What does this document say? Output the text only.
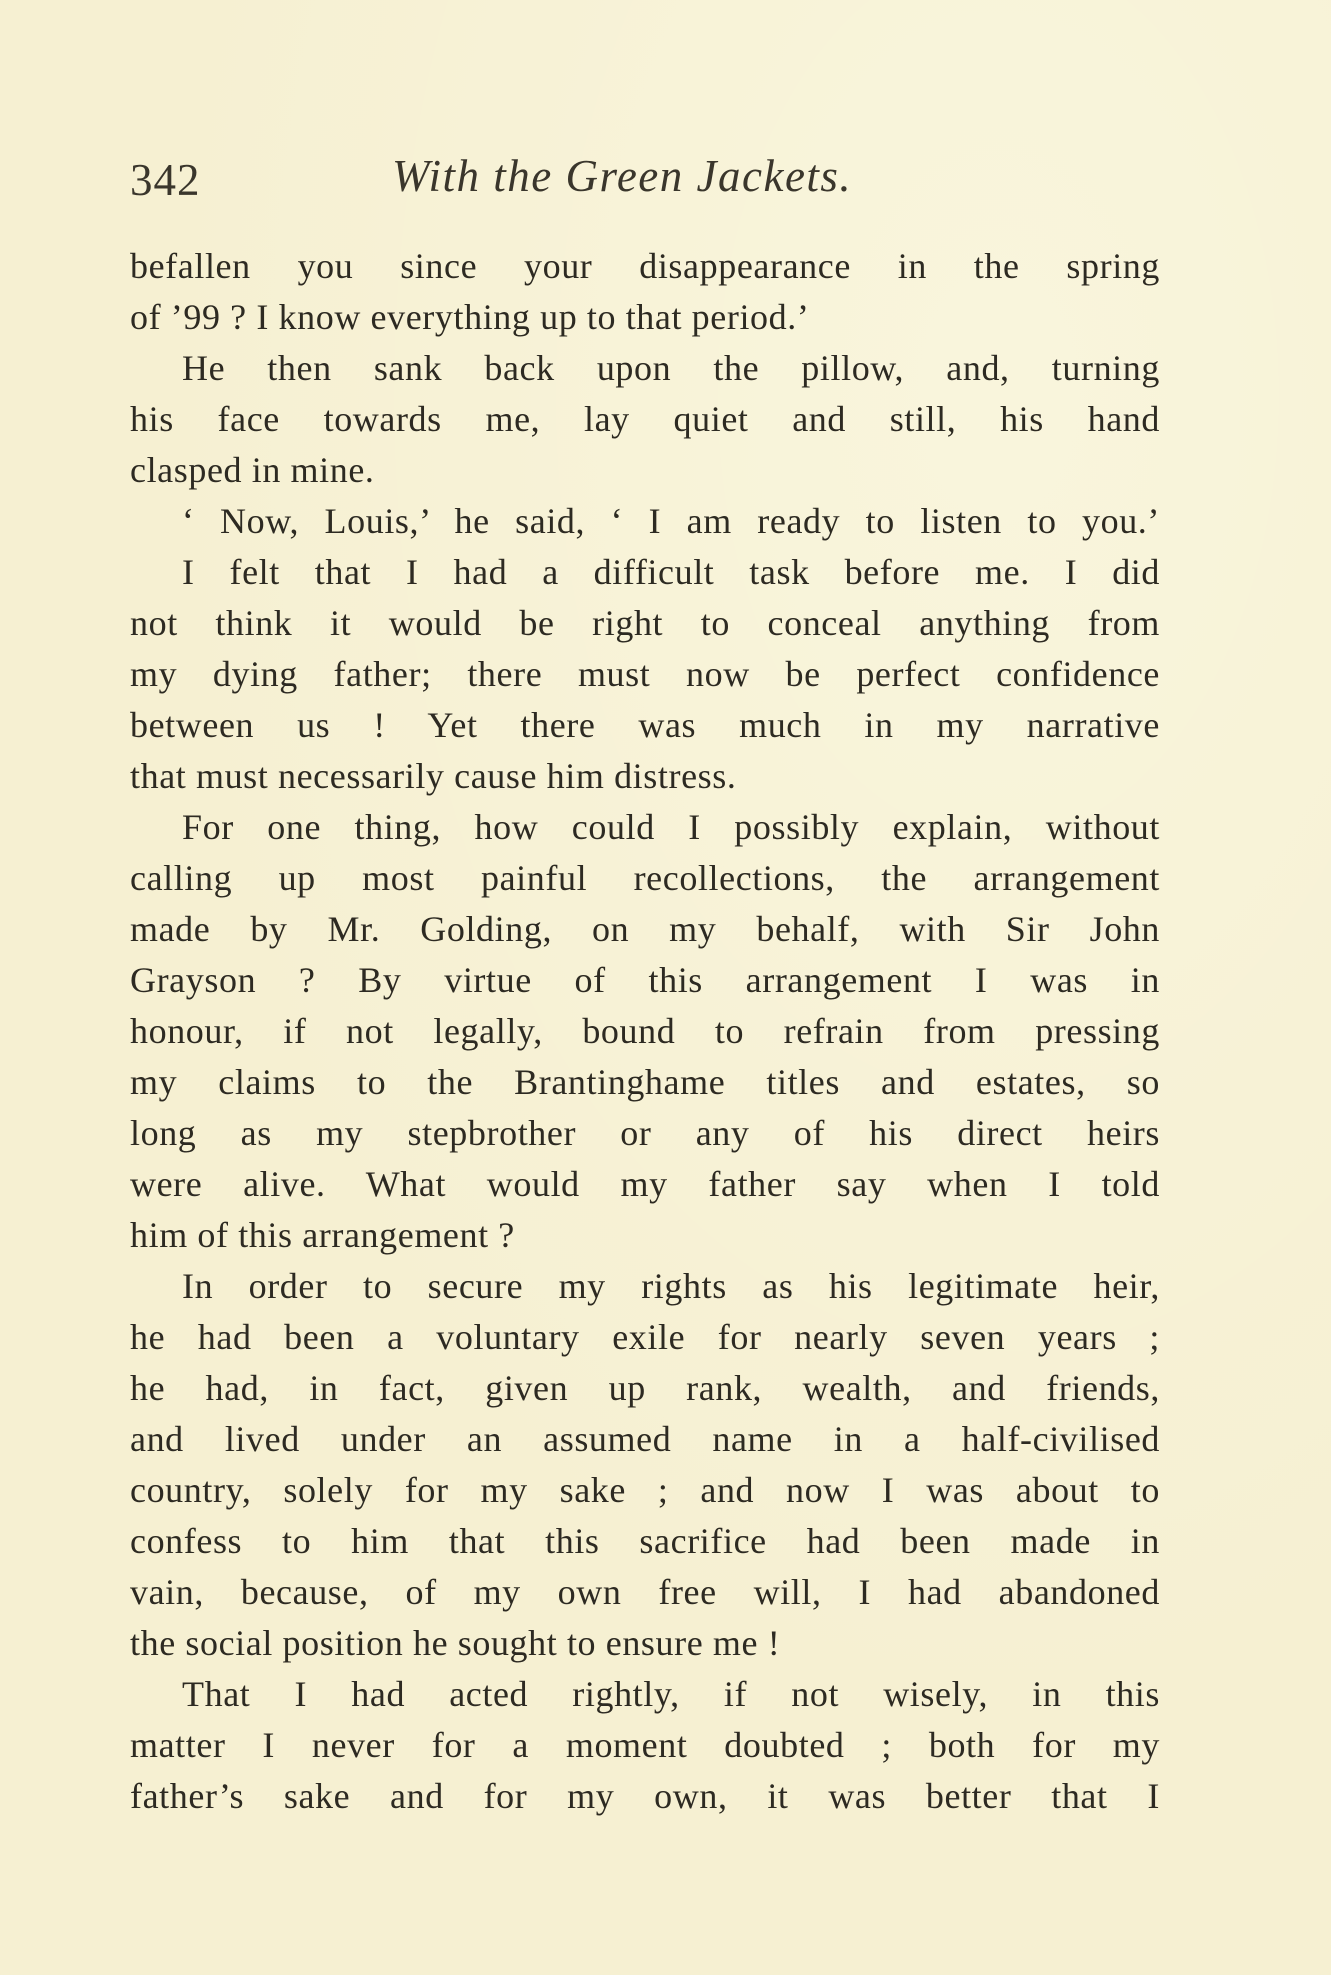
342	With the Green Jackets.
befallen you since your disappearance in the spring
of ’99 ? I know everything up to that period.’
He then sank back upon the pillow, and, turning
his face towards me, lay quiet and still, his hand
clasped in mine.
‘ Now, Louis,’ he said, ‘ I am ready to listen to you.’
I felt that I had a difficult task before me. I did
not think it would be right to conceal anything from
my dying father; there must now be perfect confidence
between us ! Yet there was much in my narrative
that must necessarily cause him distress.
For one thing, how could I possibly explain, without
calling up most painful recollections, the arrangement
made by Mr. Golding, on my behalf, with Sir John
Grayson ? By virtue of this arrangement I was in
honour, if not legally, bound to refrain from pressing
my claims to the Brantinghame titles and estates, so
long as my stepbrother or any of his direct heirs
were alive. What would my father say when I told
him of this arrangement ?
In order to secure my rights as his legitimate heir,
he had been a voluntary exile for nearly seven years ;
he had, in fact, given up rank, wealth, and friends,
and lived under an assumed name in a half-civilised
country, solely for my sake ; and now I was about to
confess to him that this sacrifice had been made in
vain, because, of my own free will, I had abandoned
the social position he sought to ensure me !
That I had acted rightly, if not wisely, in this
matter I never for a moment doubted ; both for my
father’s sake and for my own, it was better that I
